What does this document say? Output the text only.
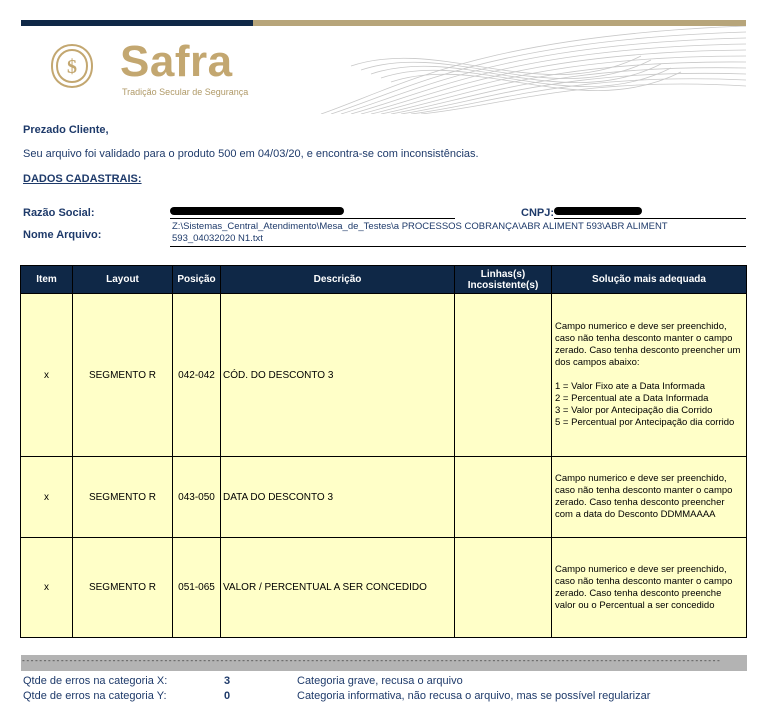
$ Safra
Tradição Secular de Segurança
Prezado Cliente,
Seu arquivo foi validado para o produto 500 em 04/03/20, e encontra-se com inconsistências.
DADOS CADASTRAIS:
Razão Social:	CNPJ:
Nome Arquivo:
Z:\Sistemas_Central_Atendimento\Mesa_de_Testes\a PROCESSOS COBRANÇA\ABR ALIMENT 593\ABR ALIMENT 593_04032020 N1.txt
Item	Layout	Posição	Descrição	Linhas(s) Incosistente(s)	Solução mais adequada
x	SEGMENTO R	042-042	CÓD. DO DESCONTO 3		Campo numerico e deve ser preenchido, caso não tenha desconto manter o campo zerado. Caso tenha desconto preencher um dos campos abaixo:

1 = Valor Fixo ate a Data Informada
2 = Percentual ate a Data Informada
3 = Valor por Antecipação dia Corrido
5 = Percentual por Antecipação dia corrido
x	SEGMENTO R	043-050	DATA DO DESCONTO 3		Campo numerico e deve ser preenchido, caso não tenha desconto manter o campo zerado. Caso tenha desconto preencher com a data do Desconto DDMMAAAA
x	SEGMENTO R	051-065	VALOR / PERCENTUAL A SER CONCEDIDO		Campo numerico e deve ser preenchido, caso não tenha desconto manter o campo zerado. Caso tenha desconto preenche valor ou o Percentual a ser concedido
------------------------------------------------------------------------------------------------------------------------------------------------------------------
Qtde de erros na categoria X:	3	Categoria grave, recusa o arquivo
Qtde de erros na categoria Y:	0	Categoria informativa, não recusa o arquivo, mas se possível regularizar
